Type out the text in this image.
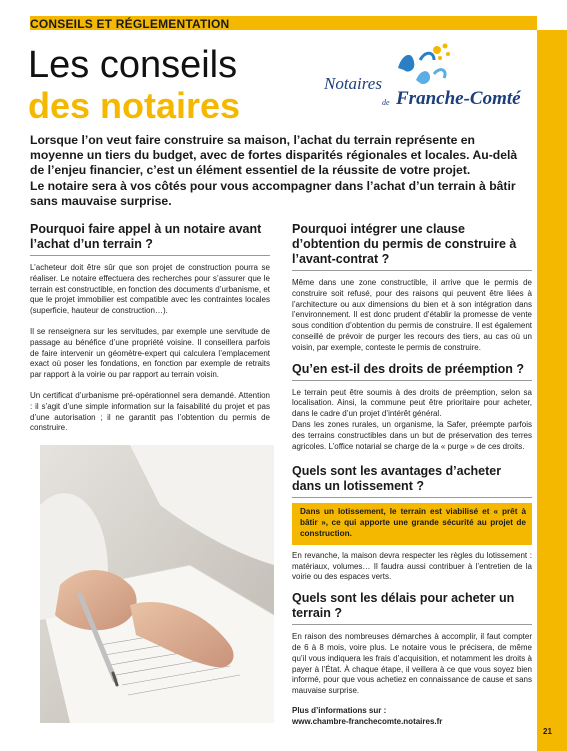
CONSEILS ET RÉGLEMENTATION
Les conseils
des notaires
Notaires
de Franche-Comté

Lorsque l’on veut faire construire sa maison, l’achat du terrain représente en moyenne un tiers du budget, avec de fortes disparités régionales et locales. Au-delà de l’enjeu financier, c’est un élément essentiel de la réussite de votre projet.

Le notaire sera à vos côtés pour vous accompagner dans l’achat d’un terrain à bâtir sans mauvaise surprise.

Pourquoi faire appel à un notaire avant l’achat d’un terrain ?

L’acheteur doit être sûr que son projet de construction pourra se réaliser. Le notaire effectuera des recherches pour s’assurer que le terrain est constructible, en fonction des documents d’urbanisme, et que le projet immobilier est compatible avec les contraintes locales (superficie, hauteur de construction…).

Il se renseignera sur les servitudes, par exemple une servitude de passage au bénéfice d’une propriété voisine. Il conseillera parfois de faire intervenir un géomètre-expert qui calculera l’emplacement exact où poser les fondations, en fonction par exemple de retraits par rapport à la voirie ou par rapport au terrain voisin.

Un certificat d’urbanisme pré-opérationnel sera demandé. Attention : il s’agit d’une simple information sur la faisabilité du projet et pas d’une autorisation ; il ne garantit pas l’obtention du permis de construire.

Pourquoi intégrer une clause d’obtention du permis de construire à l’avant-contrat ?

Même dans une zone constructible, il arrive que le permis de construire soit refusé, pour des raisons qui peuvent être liées à l’architecture ou aux dimensions du bien et à son intégration dans l’environnement. Il est donc prudent d’établir la promesse de vente sous condition d’obtention du permis de construire. Il est également conseillé de prévoir de purger les recours des tiers, au cas où un voisin, par exemple, conteste le permis de construire.

Qu’en est-il des droits de préemption ?

Le terrain peut être soumis à des droits de préemption, selon sa localisation. Ainsi, la commune peut être prioritaire pour acheter, dans le cadre d’un projet d’intérêt général.

Dans les zones rurales, un organisme, la Safer, préempte parfois des terrains constructibles dans un but de préservation des terres agricoles. L’office notarial se charge de la « purge » de ces droits.

Quels sont les avantages d’acheter dans un lotissement ?
Dans un lotissement, le terrain est viabilisé et « prêt à bâtir », ce qui apporte une grande sécurité au projet de construction.

En revanche, la maison devra respecter les règles du lotissement : matériaux, volumes… Il faudra aussi contribuer à l’entretien de la voirie ou des espaces verts.

Quels sont les délais pour acheter un terrain ?

En raison des nombreuses démarches à accomplir, il faut compter de 6 à 8 mois, voire plus. Le notaire vous le précisera, de même qu’il vous indiquera les frais d’acquisition, et notamment les droits à payer à l’État. À chaque étape, il veillera à ce que vous soyez bien informé, pour que vous achetiez en connaissance de cause et sans mauvaise surprise.

Plus d’informations sur :

www.chambre-franchecomte.notaires.fr

21
